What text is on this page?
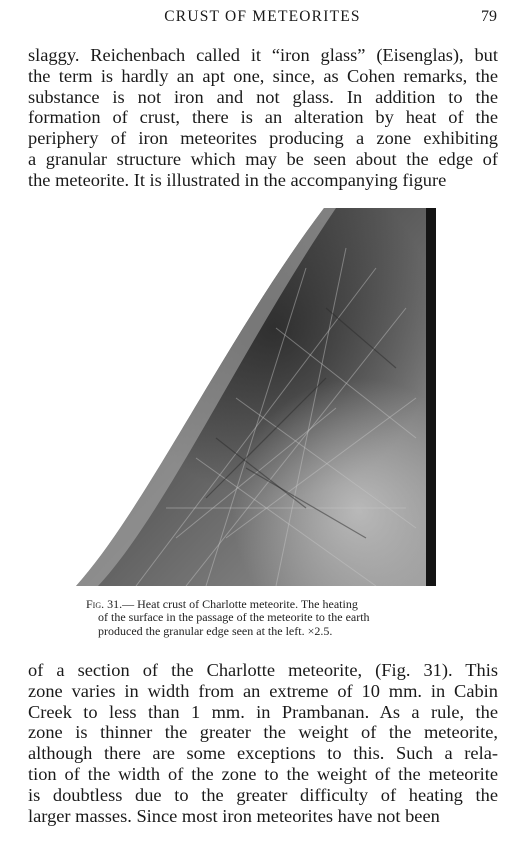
CRUST OF METEORITES	79

slaggy. Reichenbach called it “iron glass” (Eisenglas), but
the term is hardly an apt one, since, as Cohen remarks, the
substance is not iron and not glass. In addition to the
formation of crust, there is an alteration by heat of the
periphery of iron meteorites producing a zone exhibiting
a granular structure which may be seen about the edge of
the meteorite. It is illustrated in the accompanying figure

Fig. 31.— Heat crust of Charlotte meteorite. The heating
of the surface in the passage of the meteorite to the earth
produced the granular edge seen at the left. ×2.5.

of a section of the Charlotte meteorite, (Fig. 31). This
zone varies in width from an extreme of 10 mm. in Cabin
Creek to less than 1 mm. in Prambanan. As a rule, the
zone is thinner the greater the weight of the meteorite,
although there are some exceptions to this. Such a rela-
tion of the width of the zone to the weight of the meteorite
is doubtless due to the greater difficulty of heating the
larger masses. Since most iron meteorites have not been
